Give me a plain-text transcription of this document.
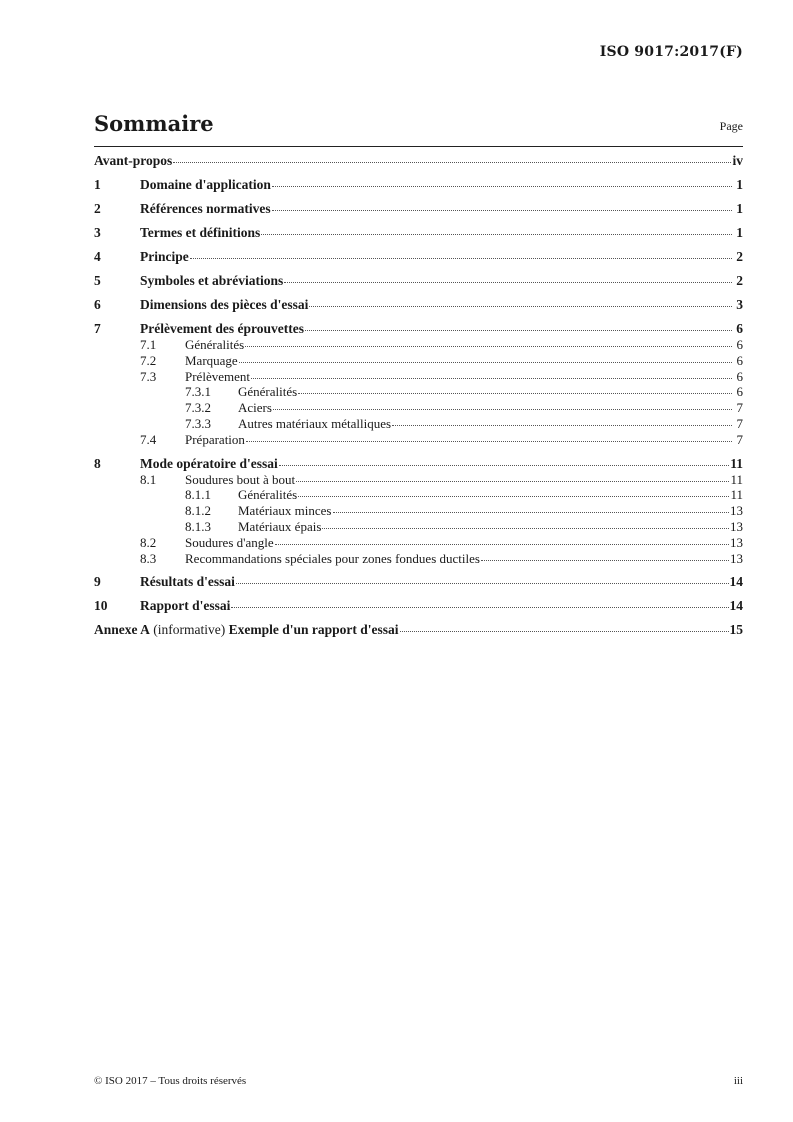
ISO 9017:2017(F)
Sommaire	Page
Avant-propos	iv
1	Domaine d'application	1
2	Références normatives	1
3	Termes et définitions	1
4	Principe	2
5	Symboles et abréviations	2
6	Dimensions des pièces d'essai	3
7	Prélèvement des éprouvettes	6
7.1	Généralités	6
7.2	Marquage	6
7.3	Prélèvement	6
7.3.1	Généralités	6
7.3.2	Aciers	7
7.3.3	Autres matériaux métalliques	7
7.4	Préparation	7
8	Mode opératoire d'essai	11
8.1	Soudures bout à bout	11
8.1.1	Généralités	11
8.1.2	Matériaux minces	13
8.1.3	Matériaux épais	13
8.2	Soudures d'angle	13
8.3	Recommandations spéciales pour zones fondues ductiles	13
9	Résultats d'essai	14
10	Rapport d'essai	14
Annexe A
(informative)
Exemple d'un rapport d'essai	15
© ISO 2017 – Tous droits réservés	iii
